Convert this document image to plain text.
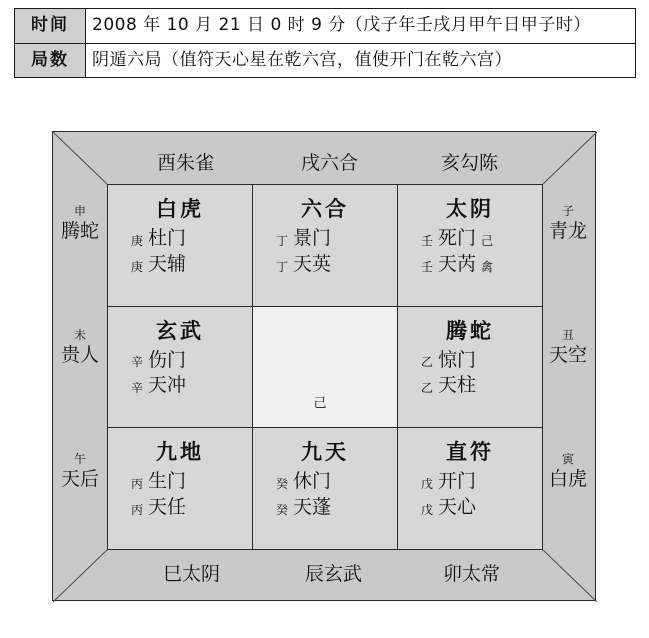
时间	2008 年 10 月 21 日 0 时 9 分（戊子年壬戌月甲午日甲子时）
局数	阴遁六局（值符天心星在乾六宫，值使开门在乾六宫）
酉朱雀	戌六合	亥勾陈
巳太阴	辰玄武	卯太常
申
腾蛇
未
贵人
午
天后
子
青龙
丑
天空
寅
白虎
白虎
庚 杜门
庚 天辅
六合
丁 景门
丁 天英
太阴
壬 死门 己
壬 天芮 禽
玄武
辛 伤门
辛 天冲
己
腾蛇
乙 惊门
乙 天柱
九地
丙 生门
丙 天任
九天
癸 休门
癸 天蓬
直符
戊 开门
戊 天心
